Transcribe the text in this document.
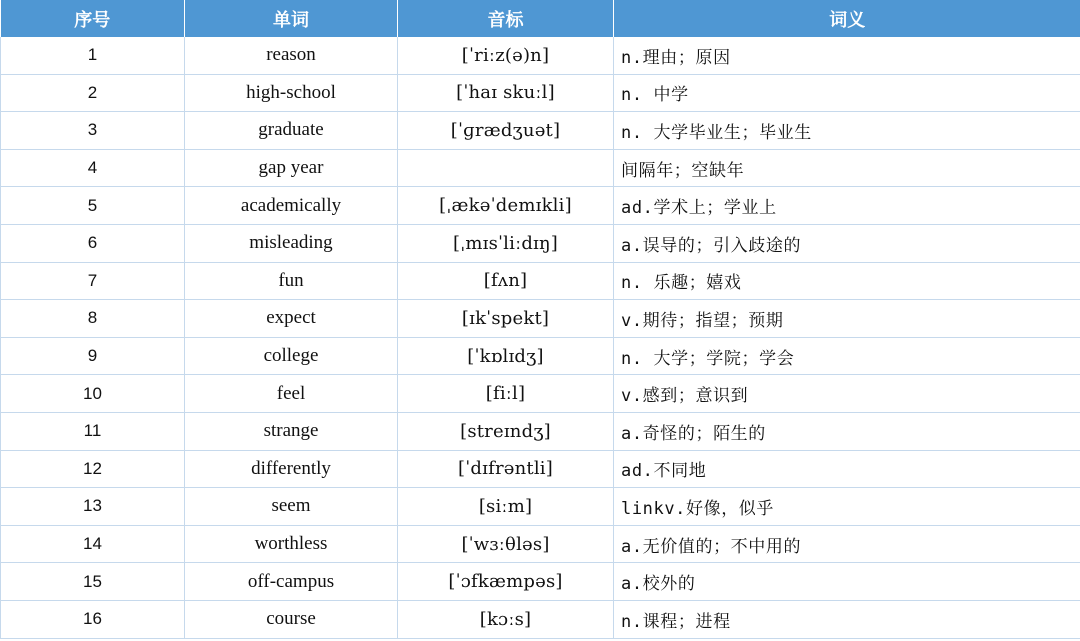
序号	单词	音标	词义
1	reason	[ˈriːz(ə)n]	n.理由；原因
2	high-school	[ˈhaɪ skuːl]	n. 中学
3	graduate	[ˈɡrædʒuət]	n. 大学毕业生；毕业生
4	gap year		间隔年；空缺年
5	academically	[ˌækəˈdemɪkli]	ad.学术上；学业上
6	misleading	[ˌmɪsˈliːdɪŋ]	a.误导的；引入歧途的
7	fun	[fʌn]	n. 乐趣；嬉戏
8	expect	[ɪkˈspekt]	v.期待；指望；预期
9	college	[ˈkɒlɪdʒ]	n. 大学；学院；学会
10	feel	[fiːl]	v.感到；意识到
11	strange	[streɪndʒ]	a.奇怪的；陌生的
12	differently	[ˈdɪfrəntli]	ad.不同地
13	seem	[siːm]	linkv.好像，似乎
14	worthless	[ˈwɜːθləs]	a.无价值的；不中用的
15	off-campus	[ˈɔfkæmpəs]	a.校外的
16	course	[kɔːs]	n.课程；进程
